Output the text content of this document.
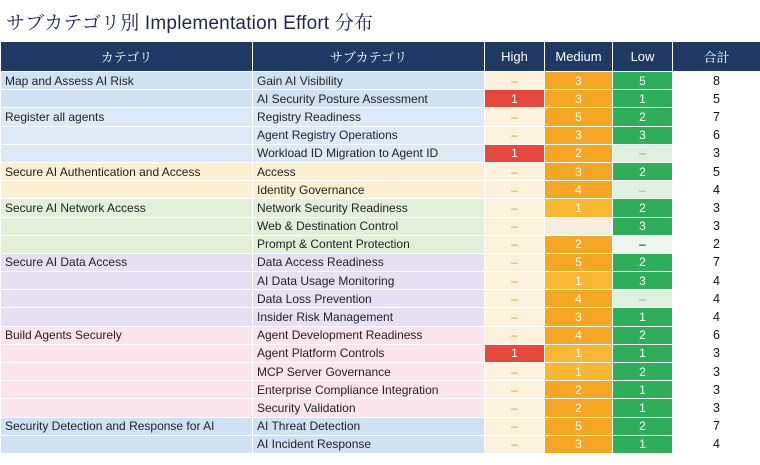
サブカテゴリ別 Implementation Effort 分布
カテゴリ	サブカテゴリ	High	Medium	Low	合計
Map and Assess AI Risk	Gain AI Visibility	–	3	5	8
	AI Security Posture Assessment	1	3	1	5
Register all agents	Registry Readiness	–	5	2	7
	Agent Registry Operations	–	3	3	6
	Workload ID Migration to Agent ID	1	2	–	3
Secure AI Authentication and Access	Access	–	3	2	5
	Identity Governance	–	4	–	4
Secure AI Network Access	Network Security Readiness	–	1	2	3
	Web & Destination Control	–		3	3
	Prompt & Content Protection	–	2	–	2
Secure AI Data Access	Data Access Readiness	–	5	2	7
	AI Data Usage Monitoring	–	1	3	4
	Data Loss Prevention	–	4	–	4
	Insider Risk Management	–	3	1	4
Build Agents Securely	Agent Development Readiness	–	4	2	6
	Agent Platform Controls	1	1	1	3
	MCP Server Governance	–	1	2	3
	Enterprise Compliance Integration	–	2	1	3
	Security Validation	–	2	1	3
Security Detection and Response for AI	AI Threat Detection	–	5	2	7
	AI Incident Response	–	3	1	4
